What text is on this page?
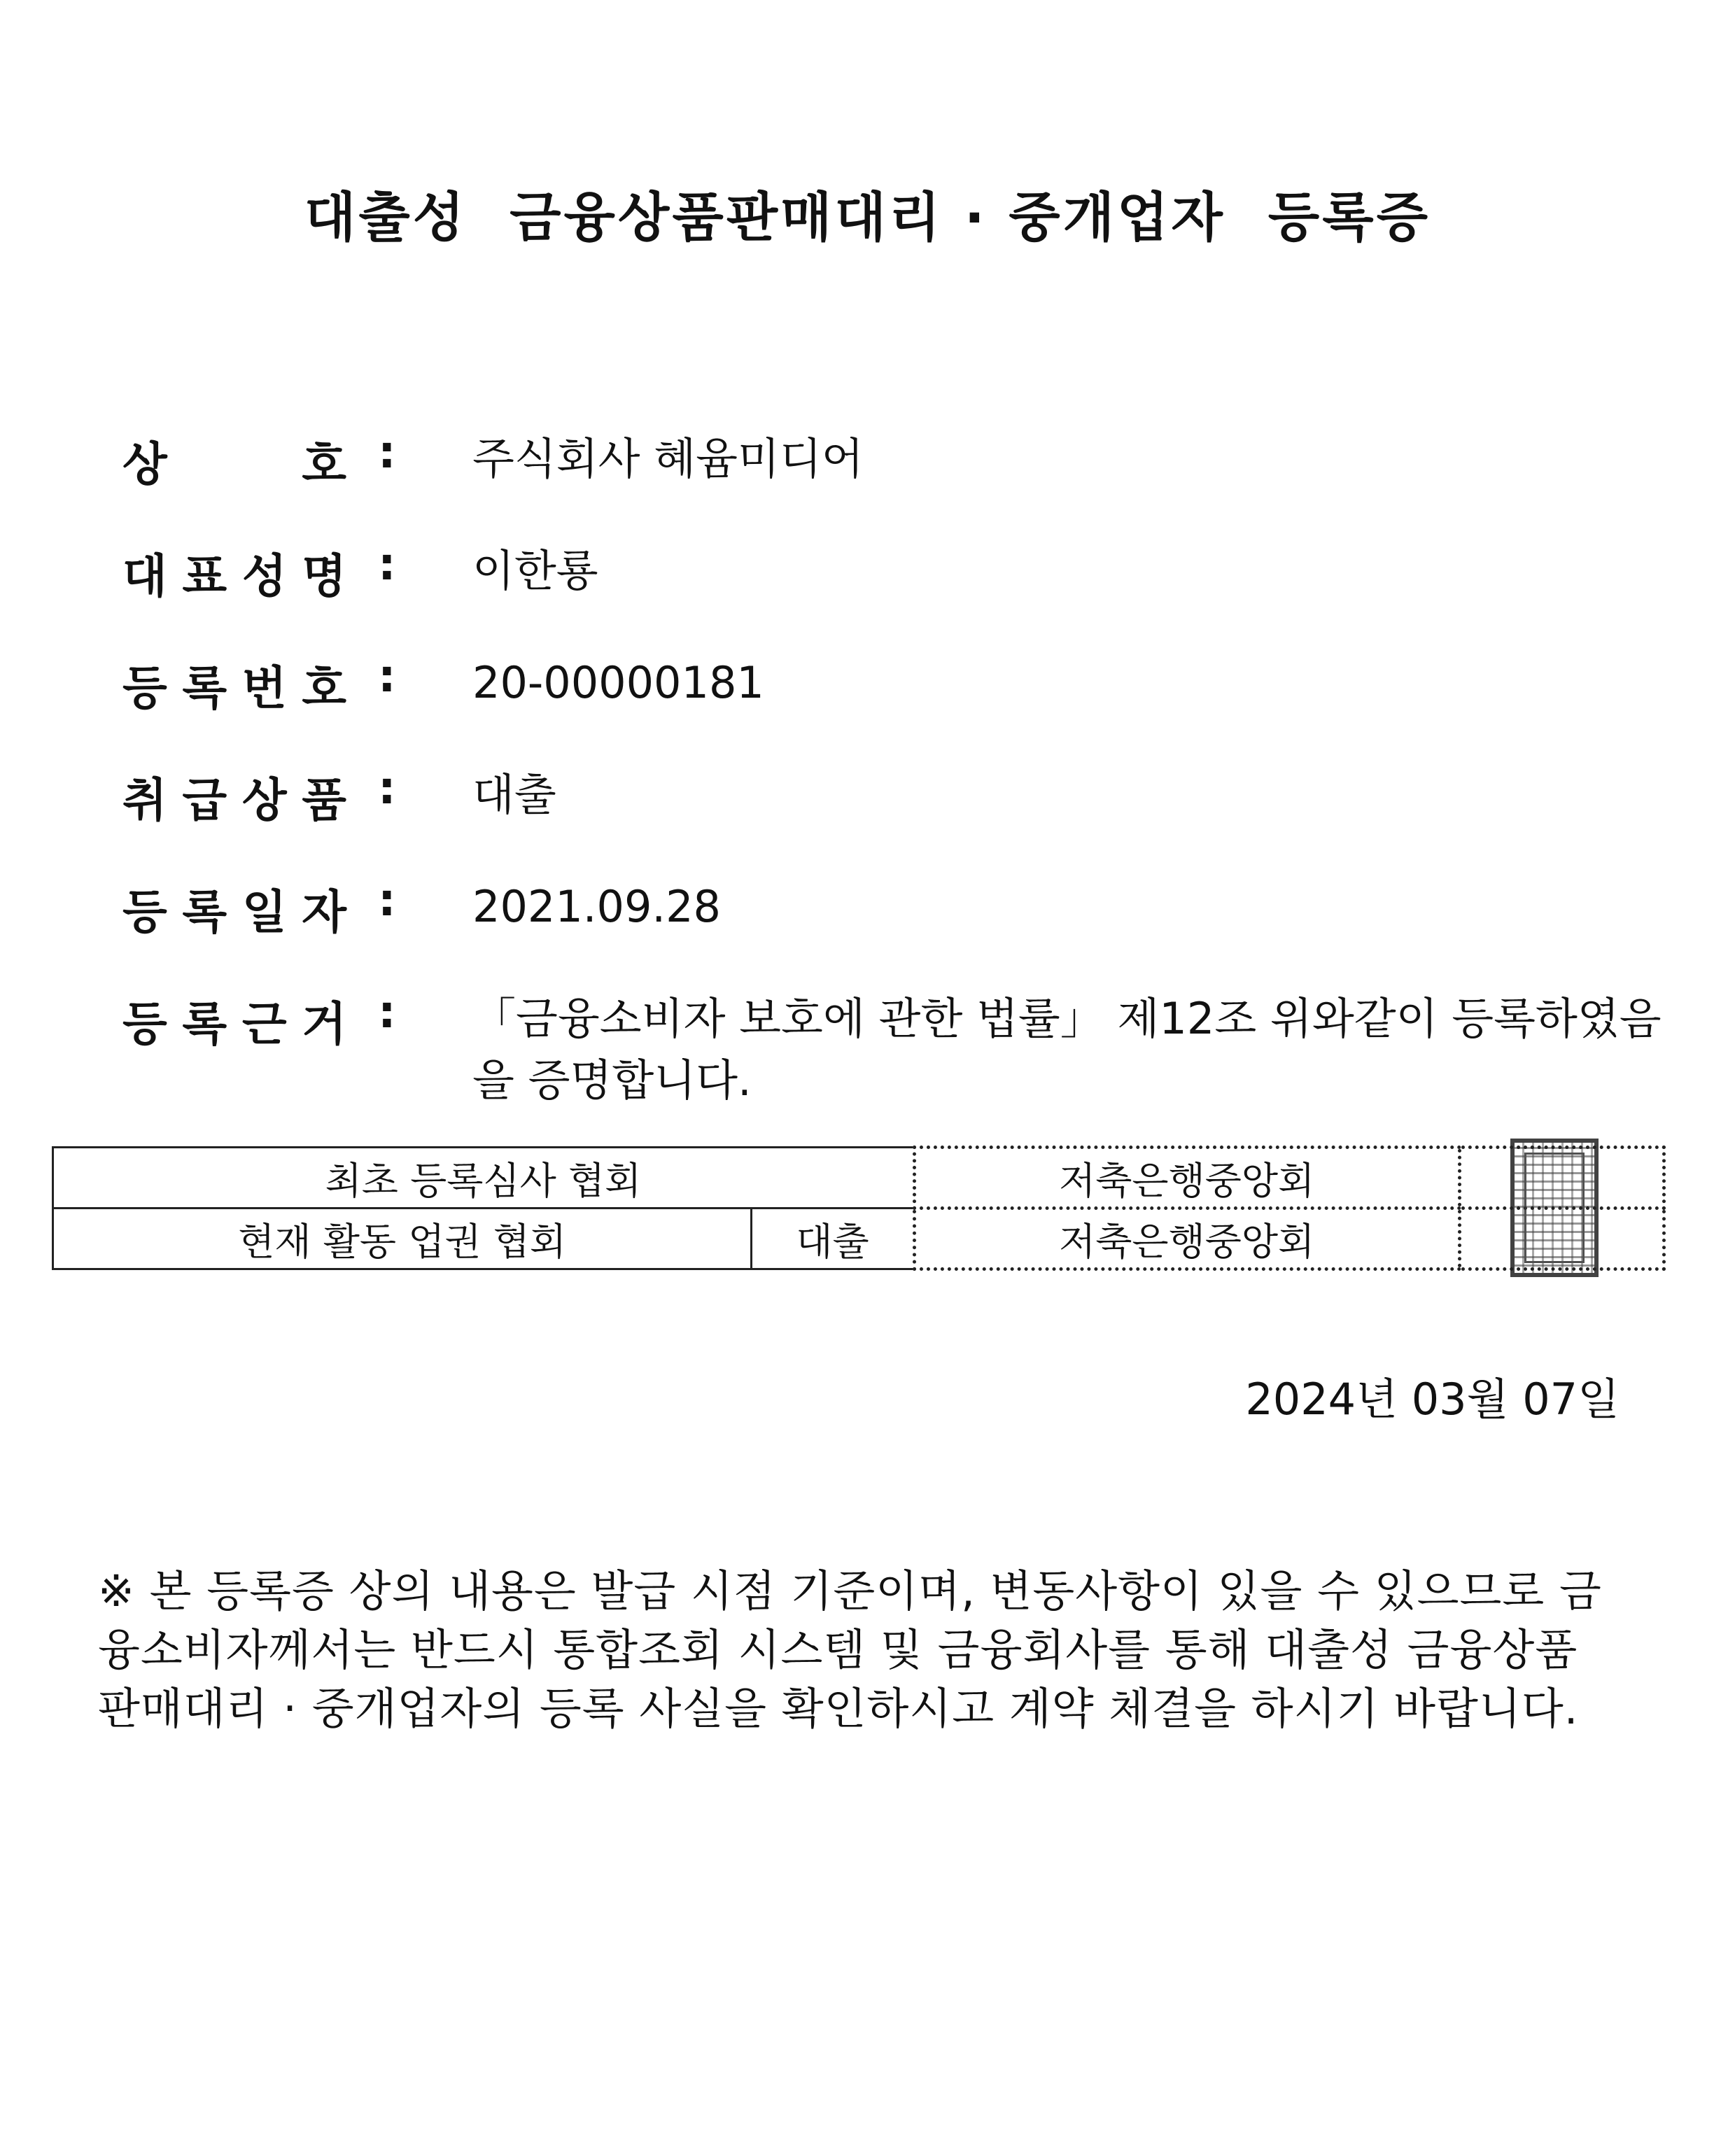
대출성  금융상품판매대리 · 중개업자  등록증
상	호 : 주식회사 혜윰미디어
대 표 성 명 : 이한룡
등 록 번 호 : 20-00000181
취 급 상 품 : 대출
등 록 일 자 : 2021.09.28
등 록 근 거 : 「금융소비자 보호에 관한 법률」 제12조 위와같이 등록하였음을 증명합니다.
최초 등록심사 협회		저축은행중앙회	
현재 활동 업권 협회	대출	저축은행중앙회	
2024년 03월 07일
※ 본 등록증 상의 내용은 발급 시점 기준이며, 변동사항이 있을 수 있으므로 금융소비자께서는 반드시 통합조회 시스템 및 금융회사를 통해 대출성 금융상품 판매대리 · 중개업자의 등록 사실을 확인하시고 계약 체결을 하시기 바랍니다.
